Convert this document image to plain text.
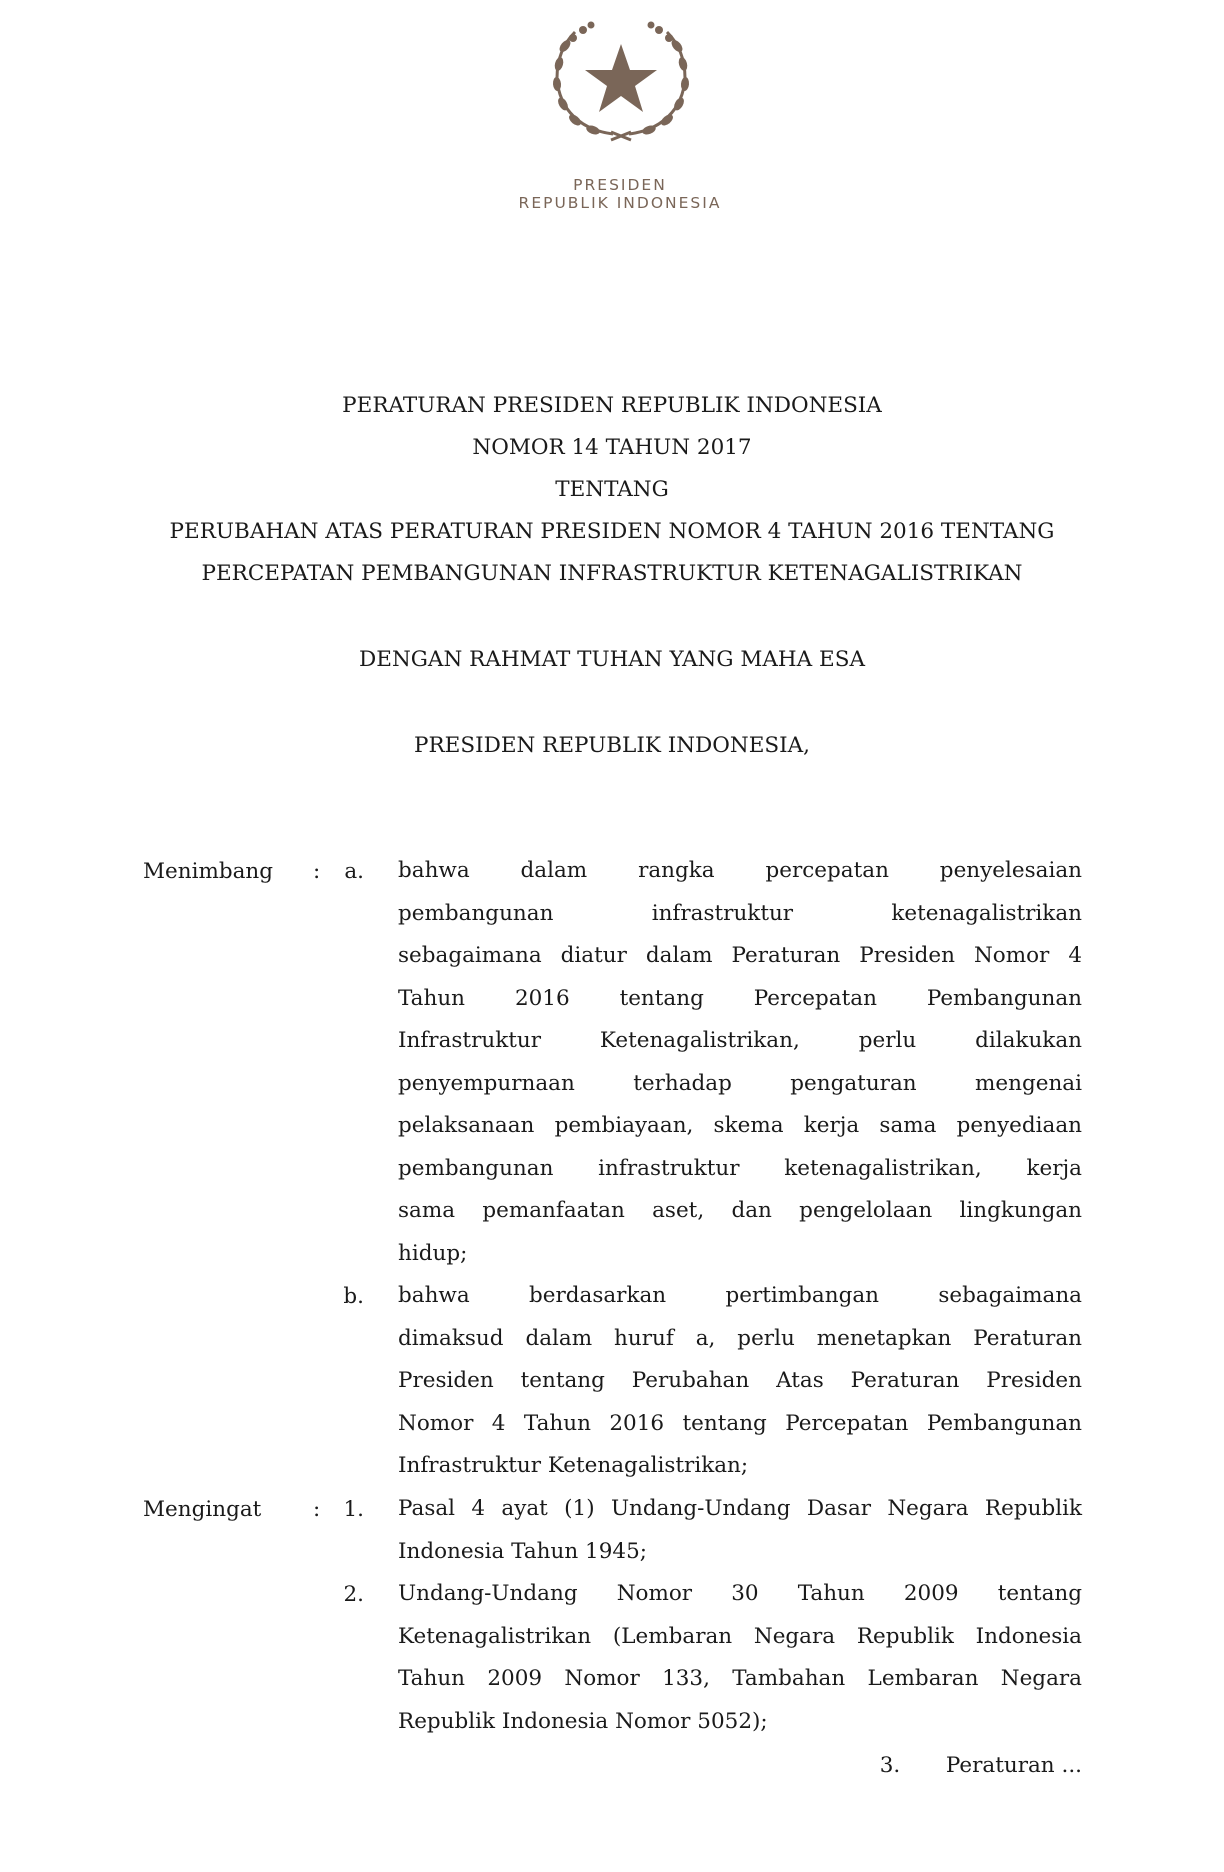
PRESIDEN
REPUBLIK INDONESIA
PERATURAN PRESIDEN REPUBLIK INDONESIA
NOMOR 14 TAHUN 2017
TENTANG
PERUBAHAN ATAS PERATURAN PRESIDEN NOMOR 4 TAHUN 2016 TENTANG
PERCEPATAN PEMBANGUNAN INFRASTRUKTUR KETENAGALISTRIKAN
DENGAN RAHMAT TUHAN YANG MAHA ESA
PRESIDEN REPUBLIK INDONESIA,
Menimbang :	a. bahwa dalam rangka percepatan penyelesaian
pembangunan infrastruktur ketenagalistrikan
sebagaimana diatur dalam Peraturan Presiden Nomor 4
Tahun 2016 tentang Percepatan Pembangunan
Infrastruktur Ketenagalistrikan, perlu dilakukan
penyempurnaan terhadap pengaturan mengenai
pelaksanaan pembiayaan, skema kerja sama penyediaan
pembangunan infrastruktur ketenagalistrikan, kerja
sama pemanfaatan aset, dan pengelolaan lingkungan
hidup;
b. bahwa berdasarkan pertimbangan sebagaimana
dimaksud dalam huruf a, perlu menetapkan Peraturan
Presiden tentang Perubahan Atas Peraturan Presiden
Nomor 4 Tahun 2016 tentang Percepatan Pembangunan
Infrastruktur Ketenagalistrikan;
Mengingat :	1. Pasal 4 ayat (1) Undang-Undang Dasar Negara Republik
Indonesia Tahun 1945;
2. Undang-Undang Nomor 30 Tahun 2009 tentang
Ketenagalistrikan (Lembaran Negara Republik Indonesia
Tahun 2009 Nomor 133, Tambahan Lembaran Negara
Republik Indonesia Nomor 5052);
3. Peraturan ...
